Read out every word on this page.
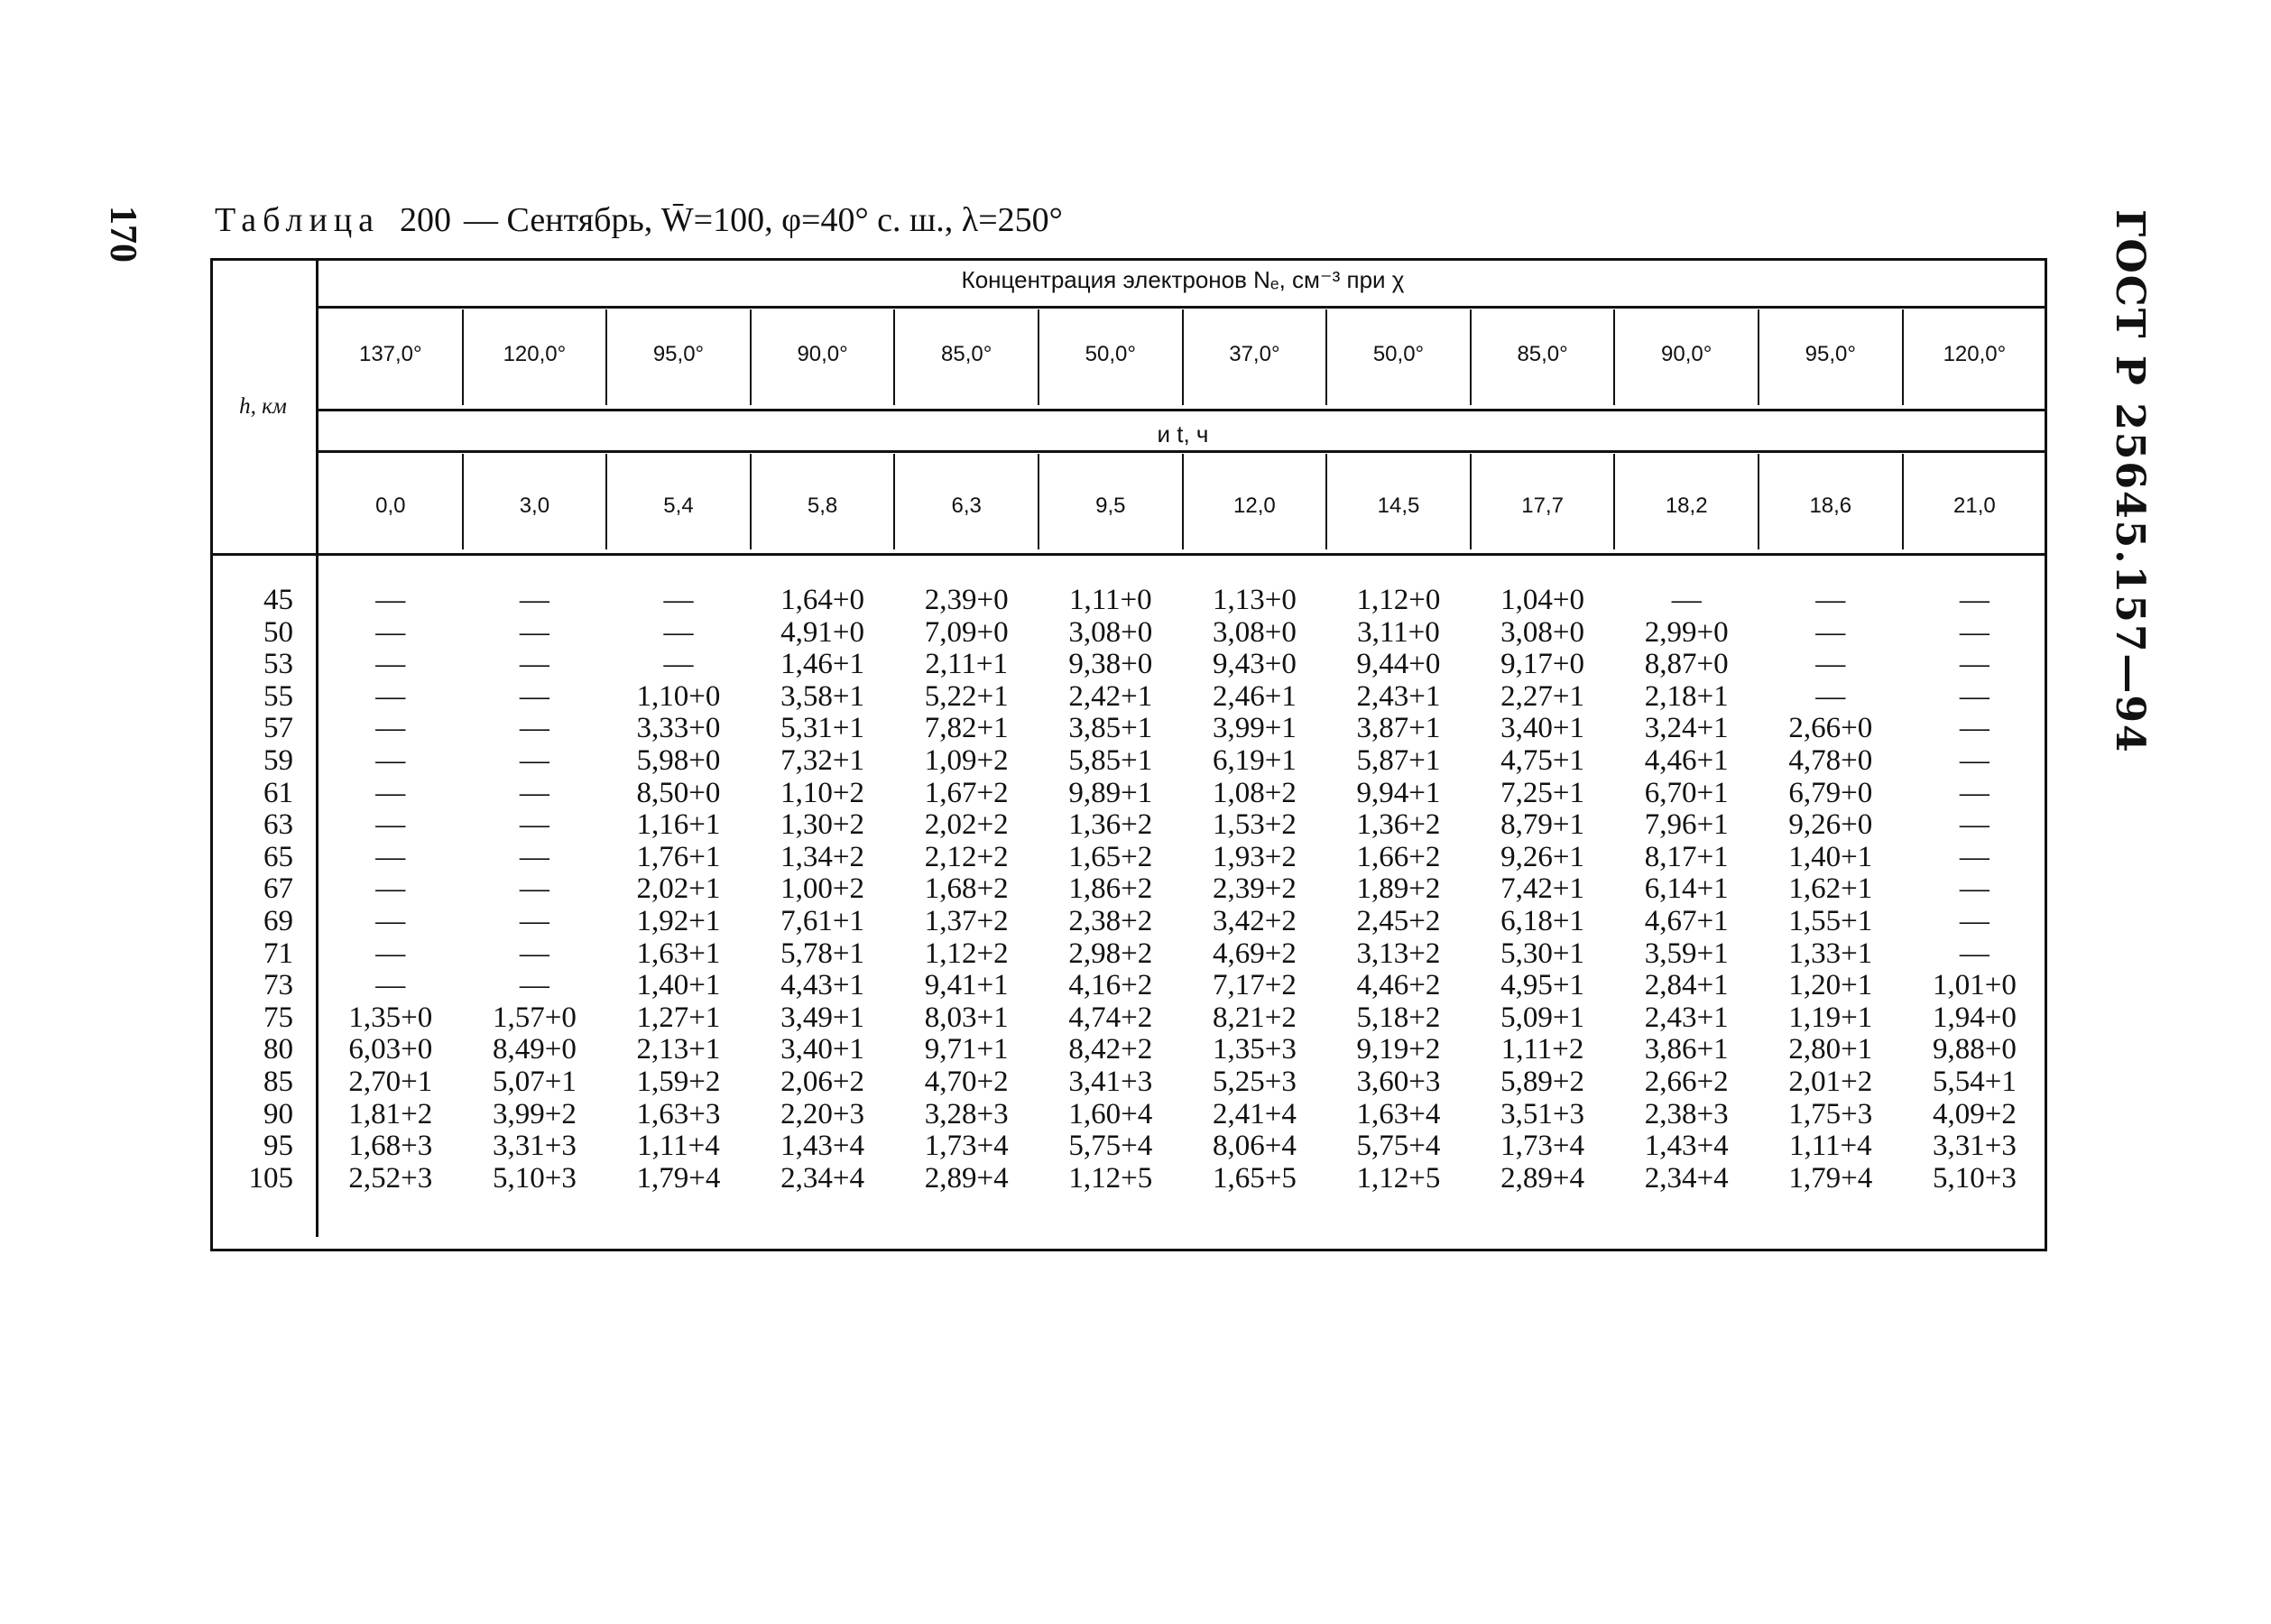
170	ГОСТ Р 25645.157—94
Таблица 200 — Сентябрь, W̄=100, φ=40° с. ш., λ=250°
h, км
Концентрация электронов Nₑ, см⁻³ при χ
и t, ч
137,0°	120,0°	95,0°	90,0°	85,0°	50,0°	37,0°	50,0°	85,0°	90,0°	95,0°	120,0°
0,0	3,0	5,4	5,8	6,3	9,5	12,0	14,5	17,7	18,2	18,6	21,0
45	—	—	—	1,64+0	2,39+0	1,11+0	1,13+0	1,12+0	1,04+0	—	—	—
50	—	—	—	4,91+0	7,09+0	3,08+0	3,08+0	3,11+0	3,08+0	2,99+0	—	—
53	—	—	—	1,46+1	2,11+1	9,38+0	9,43+0	9,44+0	9,17+0	8,87+0	—	—
55	—	—	1,10+0	3,58+1	5,22+1	2,42+1	2,46+1	2,43+1	2,27+1	2,18+1	—	—
57	—	—	3,33+0	5,31+1	7,82+1	3,85+1	3,99+1	3,87+1	3,40+1	3,24+1	2,66+0	—
59	—	—	5,98+0	7,32+1	1,09+2	5,85+1	6,19+1	5,87+1	4,75+1	4,46+1	4,78+0	—
61	—	—	8,50+0	1,10+2	1,67+2	9,89+1	1,08+2	9,94+1	7,25+1	6,70+1	6,79+0	—
63	—	—	1,16+1	1,30+2	2,02+2	1,36+2	1,53+2	1,36+2	8,79+1	7,96+1	9,26+0	—
65	—	—	1,76+1	1,34+2	2,12+2	1,65+2	1,93+2	1,66+2	9,26+1	8,17+1	1,40+1	—
67	—	—	2,02+1	1,00+2	1,68+2	1,86+2	2,39+2	1,89+2	7,42+1	6,14+1	1,62+1	—
69	—	—	1,92+1	7,61+1	1,37+2	2,38+2	3,42+2	2,45+2	6,18+1	4,67+1	1,55+1	—
71	—	—	1,63+1	5,78+1	1,12+2	2,98+2	4,69+2	3,13+2	5,30+1	3,59+1	1,33+1	—
73	—	—	1,40+1	4,43+1	9,41+1	4,16+2	7,17+2	4,46+2	4,95+1	2,84+1	1,20+1	1,01+0
75	1,35+0	1,57+0	1,27+1	3,49+1	8,03+1	4,74+2	8,21+2	5,18+2	5,09+1	2,43+1	1,19+1	1,94+0
80	6,03+0	8,49+0	2,13+1	3,40+1	9,71+1	8,42+2	1,35+3	9,19+2	1,11+2	3,86+1	2,80+1	9,88+0
85	2,70+1	5,07+1	1,59+2	2,06+2	4,70+2	3,41+3	5,25+3	3,60+3	5,89+2	2,66+2	2,01+2	5,54+1
90	1,81+2	3,99+2	1,63+3	2,20+3	3,28+3	1,60+4	2,41+4	1,63+4	3,51+3	2,38+3	1,75+3	4,09+2
95	1,68+3	3,31+3	1,11+4	1,43+4	1,73+4	5,75+4	8,06+4	5,75+4	1,73+4	1,43+4	1,11+4	3,31+3
105	2,52+3	5,10+3	1,79+4	2,34+4	2,89+4	1,12+5	1,65+5	1,12+5	2,89+4	2,34+4	1,79+4	5,10+3
